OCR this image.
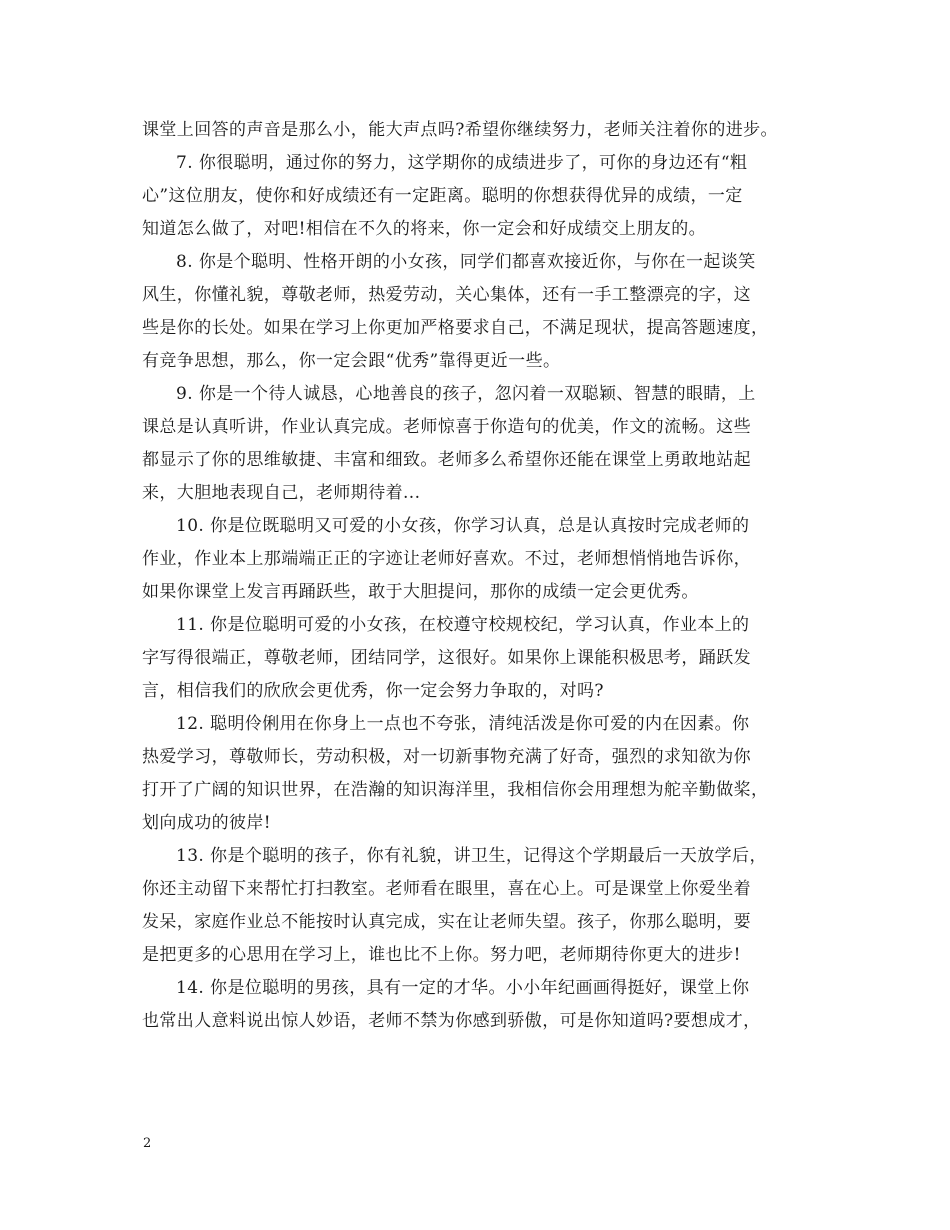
课堂上回答的声音是那么小，能大声点吗?希望你继续努力，老师关注着你的进步。
7. 你很聪明，通过你的努力，这学期你的成绩进步了，可你的身边还有“粗
心”这位朋友，使你和好成绩还有一定距离。聪明的你想获得优异的成绩，一定
知道怎么做了，对吧!相信在不久的将来，你一定会和好成绩交上朋友的。
8. 你是个聪明、性格开朗的小女孩，同学们都喜欢接近你，与你在一起谈笑
风生，你懂礼貌，尊敬老师，热爱劳动，关心集体，还有一手工整漂亮的字，这
些是你的长处。如果在学习上你更加严格要求自己，不满足现状，提高答题速度，
有竞争思想，那么，你一定会跟“优秀”靠得更近一些。
9. 你是一个待人诚恳，心地善良的孩子，忽闪着一双聪颖、智慧的眼睛，上
课总是认真听讲，作业认真完成。老师惊喜于你造句的优美，作文的流畅。这些
都显示了你的思维敏捷、丰富和细致。老师多么希望你还能在课堂上勇敢地站起
来，大胆地表现自己，老师期待着...
10. 你是位既聪明又可爱的小女孩，你学习认真，总是认真按时完成老师的
作业，作业本上那端端正正的字迹让老师好喜欢。不过，老师想悄悄地告诉你，
如果你课堂上发言再踊跃些，敢于大胆提问，那你的成绩一定会更优秀。
11. 你是位聪明可爱的小女孩，在校遵守校规校纪，学习认真，作业本上的
字写得很端正，尊敬老师，团结同学，这很好。如果你上课能积极思考，踊跃发
言，相信我们的欣欣会更优秀，你一定会努力争取的，对吗?
12. 聪明伶俐用在你身上一点也不夸张，清纯活泼是你可爱的内在因素。你
热爱学习，尊敬师长，劳动积极，对一切新事物充满了好奇，强烈的求知欲为你
打开了广阔的知识世界，在浩瀚的知识海洋里，我相信你会用理想为舵辛勤做桨，
划向成功的彼岸!
13. 你是个聪明的孩子，你有礼貌，讲卫生，记得这个学期最后一天放学后，
你还主动留下来帮忙打扫教室。老师看在眼里，喜在心上。可是课堂上你爱坐着
发呆，家庭作业总不能按时认真完成，实在让老师失望。孩子，你那么聪明，要
是把更多的心思用在学习上，谁也比不上你。努力吧，老师期待你更大的进步!
14. 你是位聪明的男孩，具有一定的才华。小小年纪画画得挺好，课堂上你
也常出人意料说出惊人妙语，老师不禁为你感到骄傲，可是你知道吗?要想成才，
2
